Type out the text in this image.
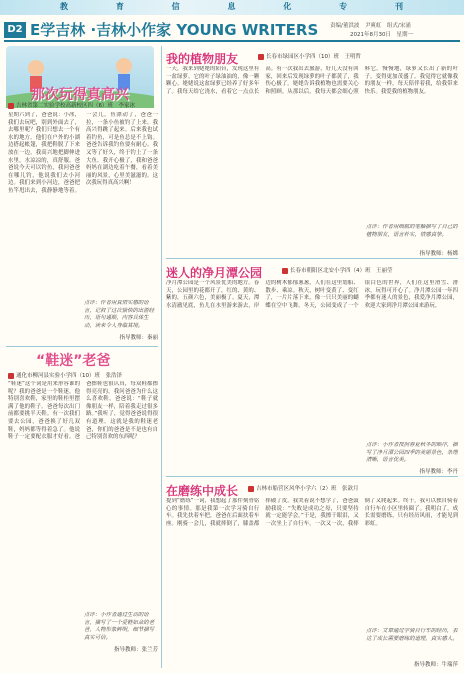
教	育	信	息	化	专	刊
D2 E学吉林 ·吉林小作家 YOUNG WRITERS 责编/董洪波　尹爽虹　组式/宋涌
2021年8月30日　星期一
那次玩得真高兴
吉林省第二实验学校高新校区四（6）班　李家冰
星期六到了，爸爸说：小冰，我们去玩吧，别到外面去了，去哪里呢？我们只想去一个有水的地方。他们在户外的小湖边搭起帐篷，我把鞋脱了下来放在一边。我高兴地把脚伸进水里，水凉凉的，真舒服。爸爸说今天可以钓鱼，我问爸爸在哪儿钓，他说我们去小河边。我们来到小河边，爸爸把鱼竿甩出去，我静静地等着。一会儿，鱼漂动了，爸爸一拉，一条小鱼被钓了上来。我高兴得跳了起来。后来我也试着钓鱼，可是鱼总是不上钩。爸爸告诉我钓鱼要有耐心。我又等了好久，终于钓上了一条大鱼。我开心极了，我和爸爸妈妈在湖边吃着午餐，看着美丽的风景，心里美滋滋的。这次我玩得真高兴啊！
点评：作者用真情实感的语言，记叙了这次愉快的出游经历，语句通顺，内容具体生动，读来令人身临其境。
指导教师：秦丽
“鞋迷”老爸
通化市柳河县实验小学四（10）班　张浩泽
“鞋迷”这个词是用来形容谁的呢？我的爸爸是一个鞋迷。他特别喜欢鞋，家里的鞋柜里摆满了他的鞋子。爸爸每次出门前都要挑半天鞋。有一次我们要去公园，爸爸换了好几双鞋，妈妈都等得着急了。他说鞋子一定要配衣服才好看。爸爸擦鞋也很认真，每双鞋都擦得亮亮的。我问爸爸为什么这么喜欢鞋，爸爸说：“鞋子就像朋友一样，陪着我走过很多路。”我听了，觉得爸爸说得很有道理。这就是我的鞋迷老爸，你们的爸爸是不是也有自己特别喜欢的东西呢？
点评：小作者通过生动的语言，描写了一个爱鞋如命的老爸，人物形象鲜明，细节描写真实可信。
指导教师：张兰芳
我的植物朋友	长春市绿园区小学四（10）班　王明哲
一天，我来到姥姥的阳台，发现这里有一盆绿萝。它的叶子绿油油的，像一颗颗心。姥姥说这盆绿萝已经养了好多年了。我每天给它浇水，看着它一点点长高。有一次我出去旅游，好几天没有回家，回来后发现绿萝的叶子都黄了，我伤心极了。姥姥告诉我植物也需要关心和照顾。从那以后，我每天都会细心照料它。慢慢地，绿萝又长出了新的叶子，变得更加茂盛了。我觉得它就像我的朋友一样，每天陪伴着我，给我带来快乐。我爱我的植物朋友。
点评：作者用细腻的笔触描写了自己的植物朋友，语言朴实，情感真挚。
指导教师：杨嫦
迷人的净月潭公园	长春市朝阳区北安小学四（4）班　王丽莹
净月潭公园是一个风景优美的地方。春天，公园里的花都开了，红的、黄的、紫的，五颜六色，美丽极了。夏天，潭水清澈见底，鱼儿在水里游来游去，岸边的树木郁郁葱葱，人们在这里划船、散步、乘凉。秋天，树叶变黄了、变红了，一片片落下来，像一只只美丽的蝴蝶在空中飞舞。冬天，公园变成了一个银白色的世界，人们在这里滑雪、滑冰，玩得可开心了。净月潭公园一年四季都有迷人的景色，我爱净月潭公园，欢迎大家到净月潭公园来游玩。
点评：小作者按照春夏秋冬的顺序，描写了净月潭公园四季的美丽景色，条理清晰，语言优美。
指导教师：李丹
在磨练中成长	吉林市船营区风华小学六（2）班　张歆月
提到“磨练”一词，我想起了那件刻骨铭心的事情。那是我第一次学习骑自行车。我先扶着车把，爸爸在后面扶着车座。刚骑一会儿，我就摔倒了，膝盖都摔破了皮。我哭着说不想学了，爸爸鼓励我说：“失败是成功之母，只要坚持就一定能学会。”于是，我擦干眼泪，又一次坐上了自行车。一次又一次，我摔倒了又爬起来。终于，我可以独自骑着自行车在小区里转圈了。我明白了，成长需要磨练，只有经历风雨，才能见到彩虹。
点评：文章通过学骑自行车的经历，表达了成长需要磨练的道理，真实感人。
指导教师：牛瑞萍
